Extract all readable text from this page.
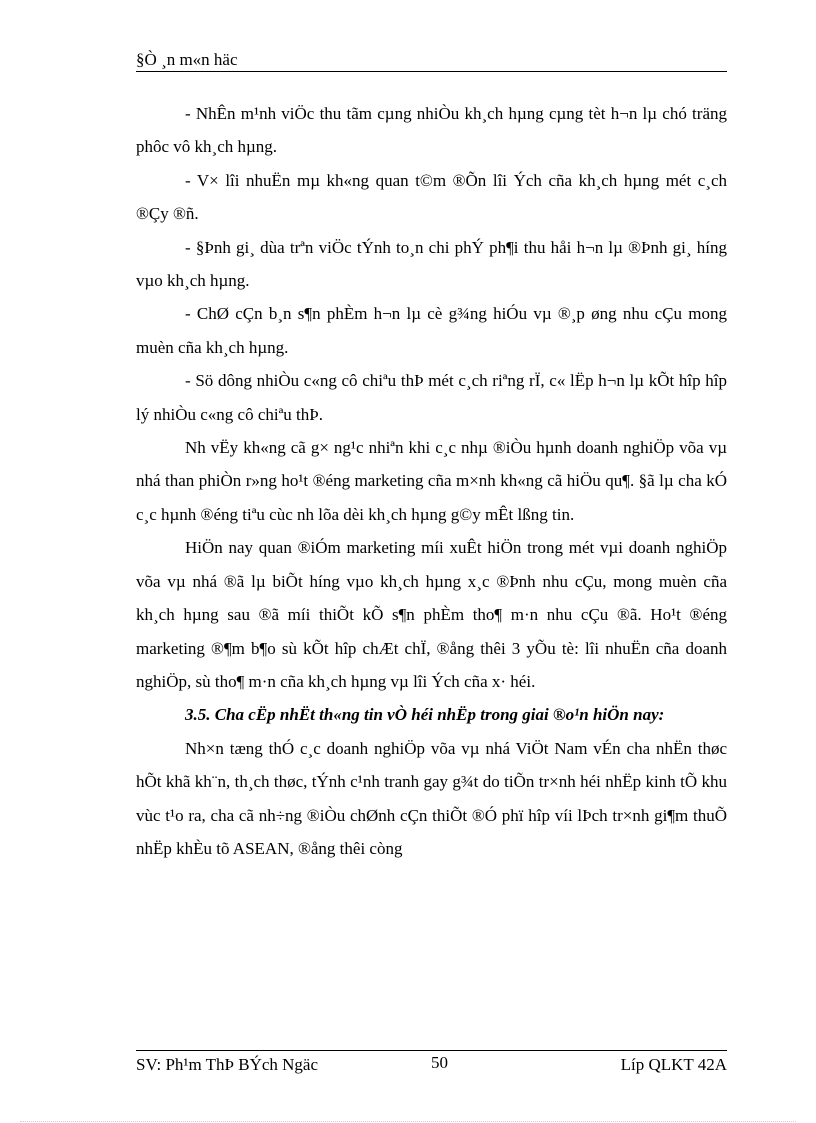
§Ò ¸n m«n häc

- NhÊn m¹nh viÖc thu tãm cµng nhiÒu kh¸ch hµng cµng tèt h¬n lµ chó träng phôc vô kh¸ch hµng.

- V× lîi nhuËn mµ kh«ng quan t©m ®Õn lîi Ých cña kh¸ch hµng mét c¸ch ®Çy ®ñ.

- §Þnh gi¸ dùa trªn viÖc tÝnh to¸n chi phÝ ph¶i thu håi h¬n lµ ®Þnh gi¸ híng vµo kh¸ch hµng.

- ChØ cÇn b¸n s¶n phÈm h¬n lµ cè g¾ng hiÓu vµ ®¸p øng nhu cÇu mong muèn cña kh¸ch hµng.

- Sö dông nhiÒu c«ng cô chiªu thÞ mét c¸ch riªng rÏ, c« lËp h¬n lµ kÕt hîp hîp lý nhiÒu c«ng cô chiªu thÞ.

Nh vËy kh«ng cã g× ng¹c nhiªn khi c¸c nhµ ®iÒu hµnh doanh nghiÖp võa vµ nhá than phiÒn r»ng ho¹t ®éng marketing cña m×nh kh«ng cã hiÖu qu¶. §ã lµ cha kÓ c¸c hµnh ®éng tiªu cùc nh lõa dèi kh¸ch hµng g©y mÊt lßng tin.

HiÖn nay quan ®iÓm marketing míi xuÊt hiÖn trong mét vµi doanh nghiÖp võa vµ nhá ®ã lµ biÕt híng vµo kh¸ch hµng x¸c ®Þnh nhu cÇu, mong muèn cña kh¸ch hµng sau ®ã míi thiÕt kÕ s¶n phÈm tho¶ m·n nhu cÇu ®ã. Ho¹t ®éng marketing ®¶m b¶o sù kÕt hîp chÆt chÏ, ®ång thêi 3 yÕu tè: lîi nhuËn cña doanh nghiÖp, sù tho¶ m·n cña kh¸ch hµng vµ lîi Ých cña x· héi.

3.5. Cha cËp nhËt th«ng tin vÒ héi nhËp trong giai ®o¹n hiÖn nay:

Nh×n tæng thÓ c¸c doanh nghiÖp võa vµ nhá ViÖt Nam vÉn cha nhËn thøc hÕt khã kh¨n, th¸ch thøc, tÝnh c¹nh tranh gay g¾t do tiÕn tr×nh héi nhËp kinh tÕ khu vùc t¹o ra, cha cã nh÷ng ®iÒu chØnh cÇn thiÕt ®Ó phï hîp víi lÞch tr×nh gi¶m thuÕ nhËp khÈu tõ ASEAN, ®ång thêi còng

SV: Ph¹m ThÞ BÝch Ngäc	50	Líp QLKT 42A
